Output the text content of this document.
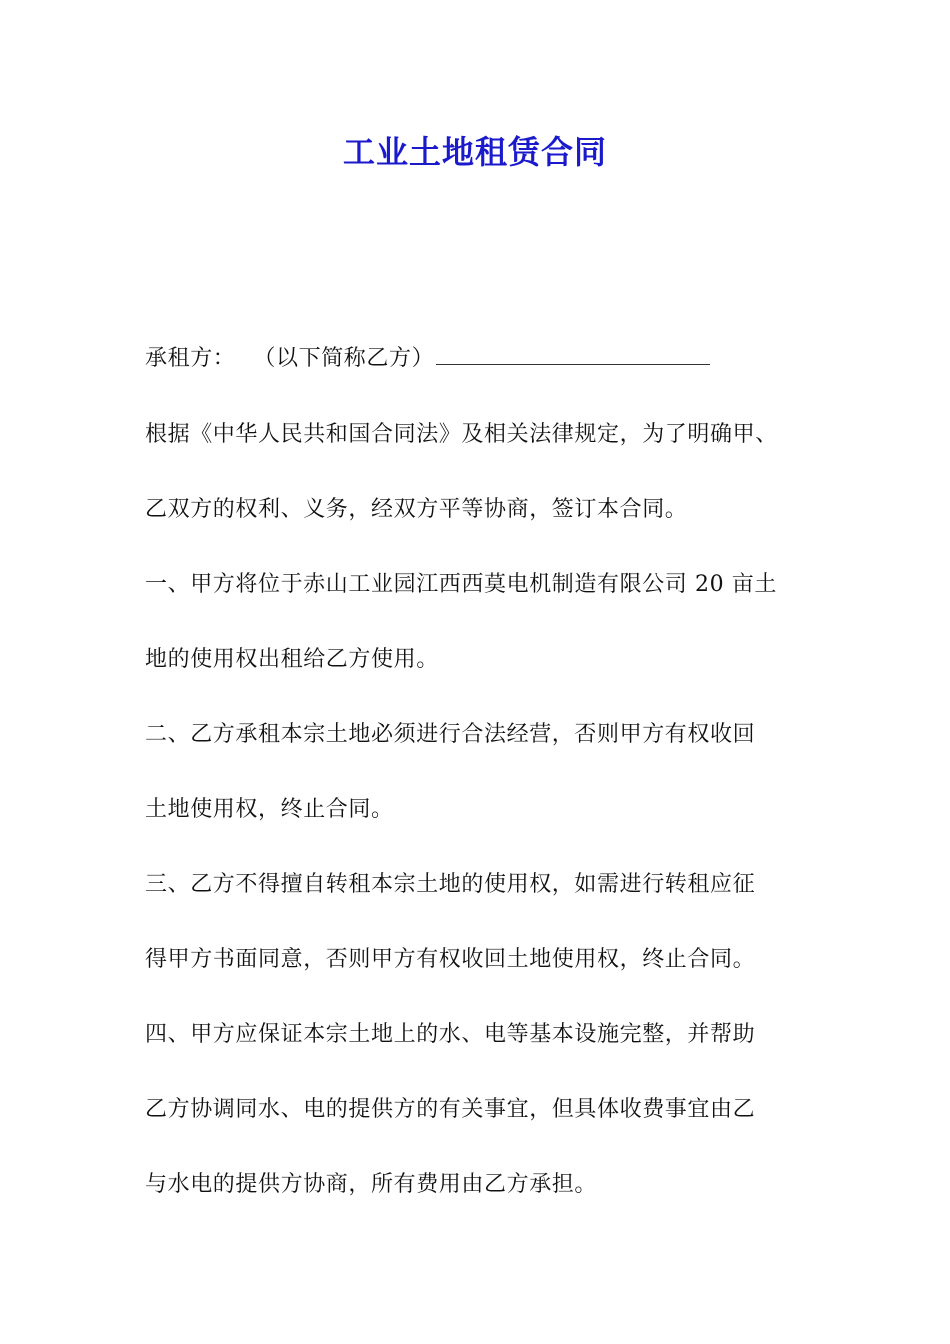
工业土地租赁合同
承租方： （以下简称乙方）
根据《中华人民共和国合同法》及相关法律规定，为了明确甲、
乙双方的权利、义务，经双方平等协商，签订本合同。
一、甲方将位于赤山工业园江西西莫电机制造有限公司 20 亩土
地的使用权出租给乙方使用。
二、乙方承租本宗土地必须进行合法经营，否则甲方有权收回
土地使用权，终止合同。
三、乙方不得擅自转租本宗土地的使用权，如需进行转租应征
得甲方书面同意，否则甲方有权收回土地使用权，终止合同。
四、甲方应保证本宗土地上的水、电等基本设施完整，并帮助
乙方协调同水、电的提供方的有关事宜，但具体收费事宜由乙
与水电的提供方协商，所有费用由乙方承担。
